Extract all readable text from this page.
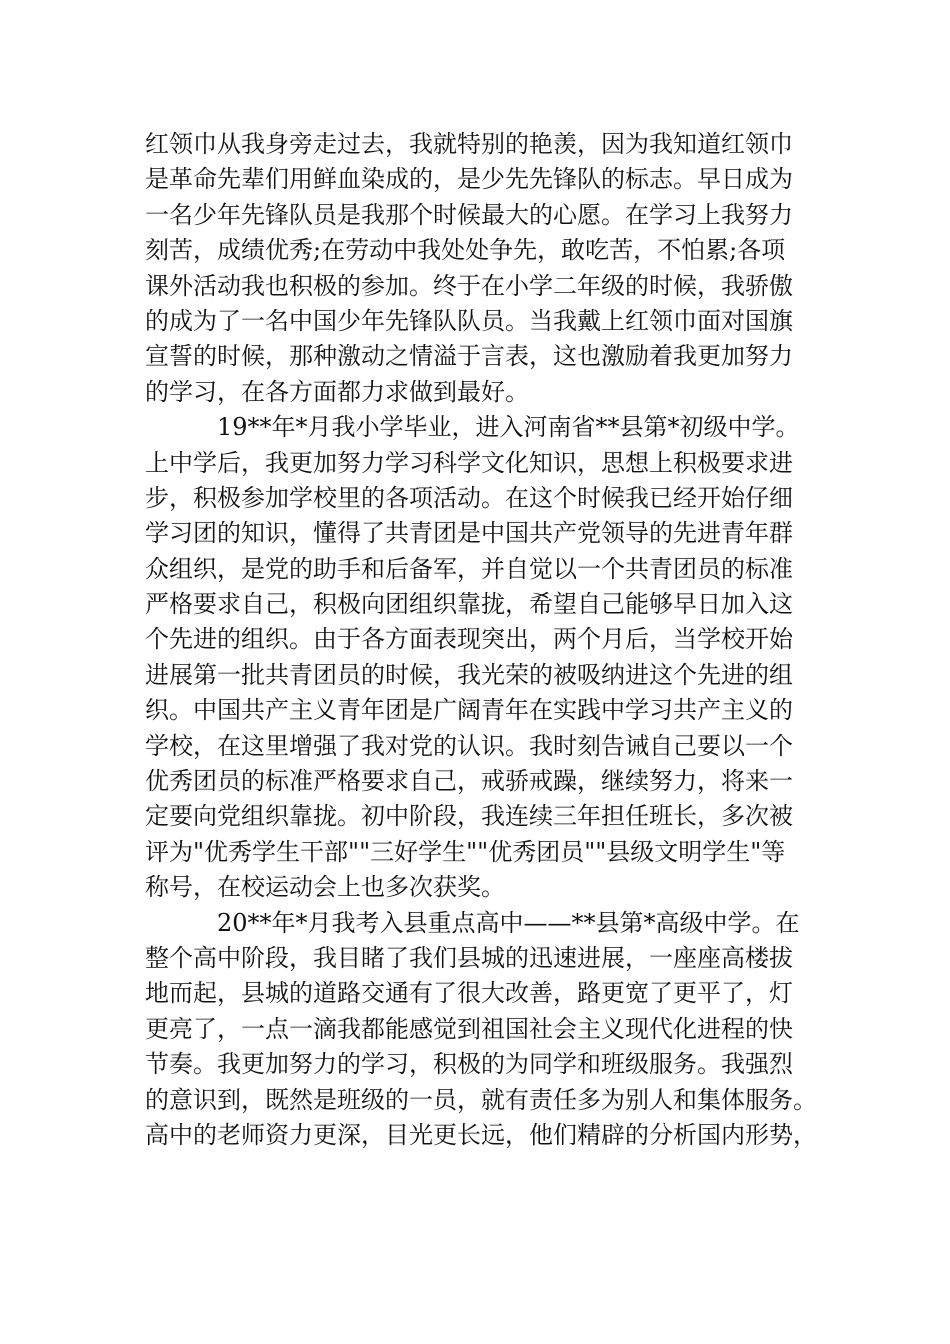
红领巾从我身旁走过去，我就特别的艳羡，因为我知道红领巾
是革命先辈们用鲜血染成的，是少先先锋队的标志。早日成为
一名少年先锋队员是我那个时候最大的心愿。在学习上我努力
刻苦，成绩优秀;在劳动中我处处争先，敢吃苦，不怕累;各项
课外活动我也积极的参加。终于在小学二年级的时候，我骄傲
的成为了一名中国少年先锋队队员。当我戴上红领巾面对国旗
宣誓的时候，那种激动之情溢于言表，这也激励着我更加努力
的学习，在各方面都力求做到最好。
19**年*月我小学毕业，进入河南省**县第*初级中学。
上中学后，我更加努力学习科学文化知识，思想上积极要求进
步，积极参加学校里的各项活动。在这个时候我已经开始仔细
学习团的知识，懂得了共青团是中国共产党领导的先进青年群
众组织，是党的助手和后备军，并自觉以一个共青团员的标准
严格要求自己，积极向团组织靠拢，希望自己能够早日加入这
个先进的组织。由于各方面表现突出，两个月后，当学校开始
进展第一批共青团员的时候，我光荣的被吸纳进这个先进的组
织。中国共产主义青年团是广阔青年在实践中学习共产主义的
学校，在这里增强了我对党的认识。我时刻告诫自己要以一个
优秀团员的标准严格要求自己，戒骄戒躁，继续努力，将来一
定要向党组织靠拢。初中阶段，我连续三年担任班长，多次被
评为"优秀学生干部""三好学生""优秀团员""县级文明学生"等
称号，在校运动会上也多次获奖。
20**年*月我考入县重点高中——**县第*高级中学。在
整个高中阶段，我目睹了我们县城的迅速进展，一座座高楼拔
地而起，县城的道路交通有了很大改善，路更宽了更平了，灯
更亮了，一点一滴我都能感觉到祖国社会主义现代化进程的快
节奏。我更加努力的学习，积极的为同学和班级服务。我强烈
的意识到，既然是班级的一员，就有责任多为别人和集体服务。
高中的老师资力更深，目光更长远，他们精辟的分析国内形势，
